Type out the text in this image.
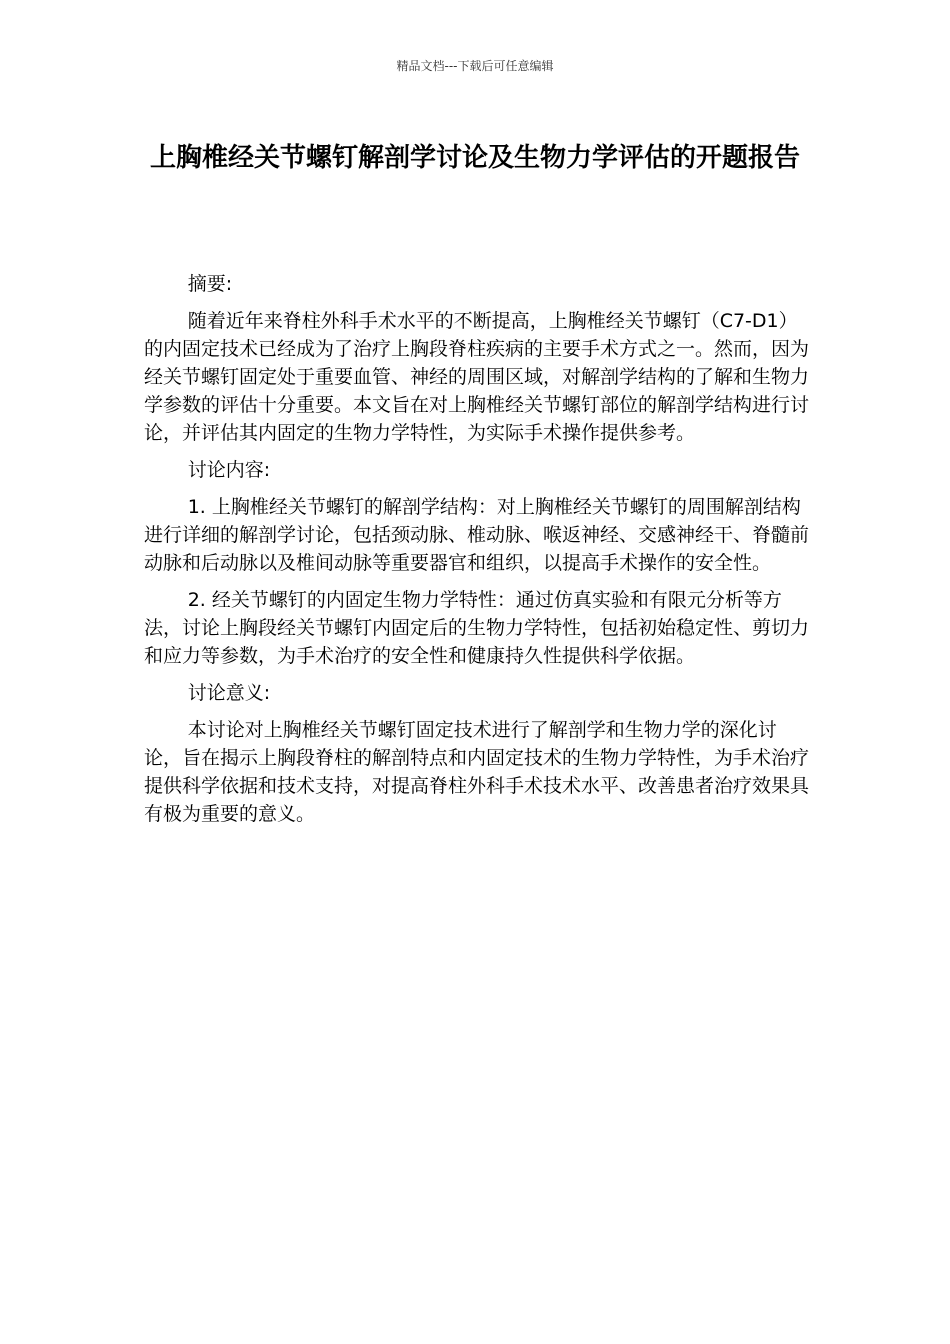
精品文档---下载后可任意编辑
上胸椎经关节螺钉解剖学讨论及生物力学评估的开题报告

摘要:

随着近年来脊柱外科手术水平的不断提高，上胸椎经关节螺钉（C7-D1）的内固定技术已经成为了治疗上胸段脊柱疾病的主要手术方式之一。然而，因为经关节螺钉固定处于重要血管、神经的周围区域，对解剖学结构的了解和生物力学参数的评估十分重要。本文旨在对上胸椎经关节螺钉部位的解剖学结构进行讨论，并评估其内固定的生物力学特性，为实际手术操作提供参考。

讨论内容:

1. 上胸椎经关节螺钉的解剖学结构：对上胸椎经关节螺钉的周围解剖结构进行详细的解剖学讨论，包括颈动脉、椎动脉、喉返神经、交感神经干、脊髓前动脉和后动脉以及椎间动脉等重要器官和组织，以提高手术操作的安全性。

2. 经关节螺钉的内固定生物力学特性：通过仿真实验和有限元分析等方法，讨论上胸段经关节螺钉内固定后的生物力学特性，包括初始稳定性、剪切力和应力等参数，为手术治疗的安全性和健康持久性提供科学依据。

讨论意义:

本讨论对上胸椎经关节螺钉固定技术进行了解剖学和生物力学的深化讨论，旨在揭示上胸段脊柱的解剖特点和内固定技术的生物力学特性，为手术治疗提供科学依据和技术支持，对提高脊柱外科手术技术水平、改善患者治疗效果具有极为重要的意义。
